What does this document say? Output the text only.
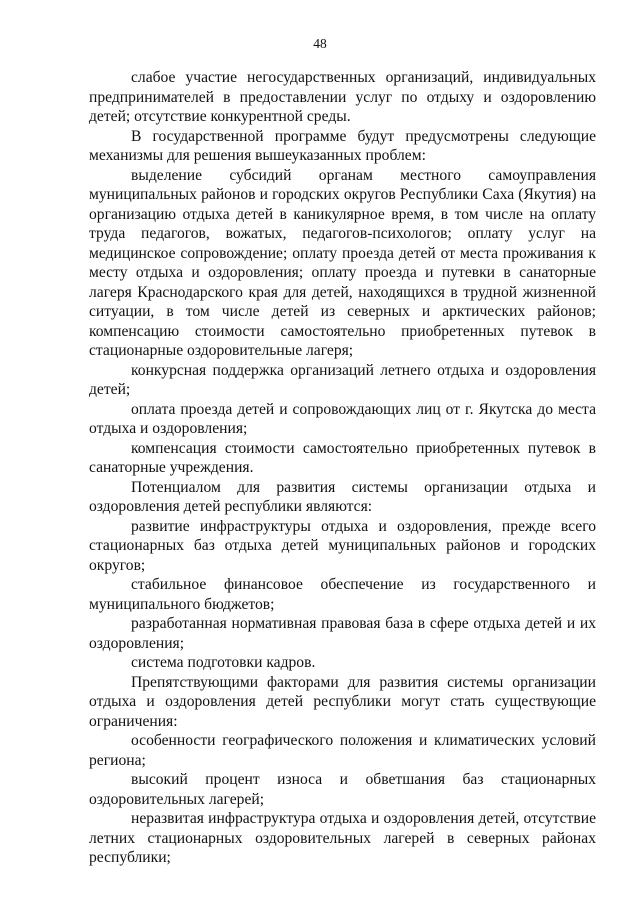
48

слабое участие негосударственных организаций, индивидуальных предпринимателей в предоставлении услуг по отдыху и оздоровлению детей; отсутствие конкурентной среды.

В государственной программе будут предусмотрены следующие механизмы для решения вышеуказанных проблем:

выделение субсидий органам местного самоуправления муниципальных районов и городских округов Республики Саха (Якутия) на организацию отдыха детей в каникулярное время, в том числе на оплату труда педагогов, вожатых, педагогов-психологов; оплату услуг на медицинское сопровождение; оплату проезда детей от места проживания к месту отдыха и оздоровления; оплату проезда и путевки в санаторные лагеря Краснодарского края для детей, находящихся в трудной жизненной ситуации, в том числе детей из северных и арктических районов; компенсацию стоимости самостоятельно приобретенных путевок в стационарные оздоровительные лагеря;

конкурсная поддержка организаций летнего отдыха и оздоровления детей;

оплата проезда детей и сопровождающих лиц от г. Якутска до места отдыха и оздоровления;

компенсация стоимости самостоятельно приобретенных путевок в санаторные учреждения.

Потенциалом для развития системы организации отдыха и оздоровления детей республики являются:

развитие инфраструктуры отдыха и оздоровления, прежде всего стационарных баз отдыха детей муниципальных районов и городских округов;

стабильное финансовое обеспечение из государственного и муниципального бюджетов;

разработанная нормативная правовая база в сфере отдыха детей и их оздоровления;

система подготовки кадров.

Препятствующими факторами для развития системы организации отдыха и оздоровления детей республики могут стать существующие ограничения:

особенности географического положения и климатических условий региона;

высокий процент износа и обветшания баз стационарных оздоровительных лагерей;

неразвитая инфраструктура отдыха и оздоровления детей, отсутствие летних стационарных оздоровительных лагерей в северных районах республики;
